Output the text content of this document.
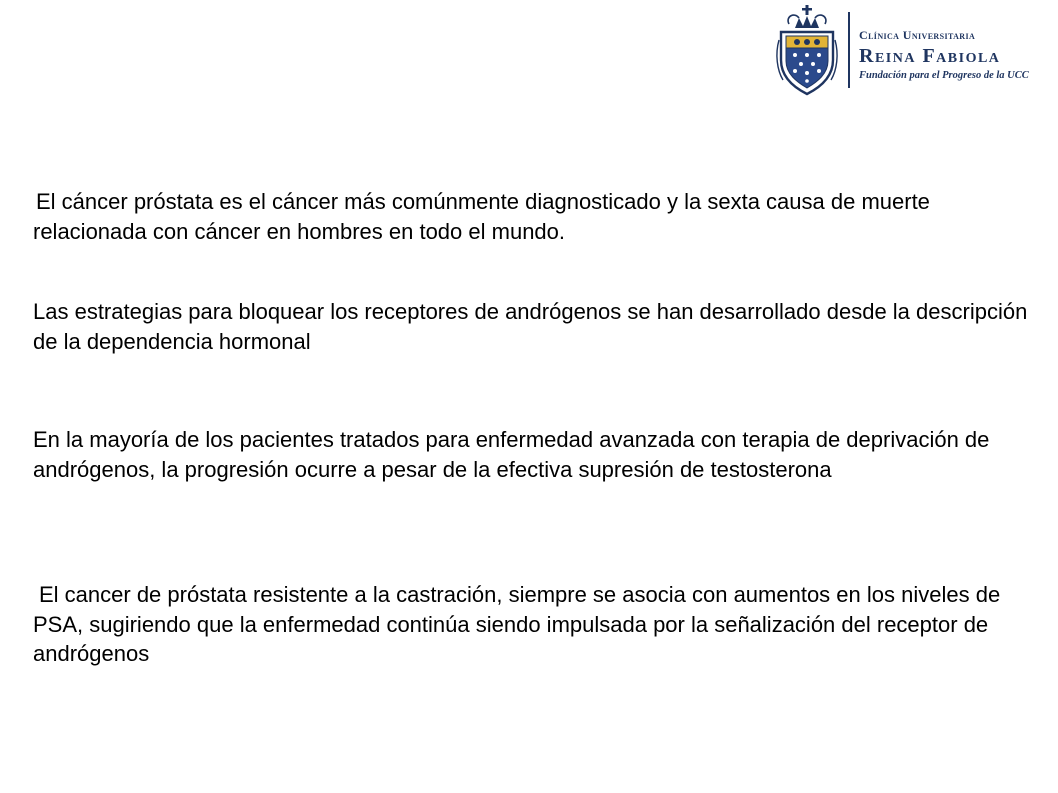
Clínica Universitaria
Reina Fabiola
Fundación para el Progreso de la UCC

El cáncer próstata es el cáncer más comúnmente diagnosticado y la sexta causa de muerte relacionada con cáncer en hombres en todo el mundo.

Las estrategias para bloquear los receptores de andrógenos se han desarrollado desde la descripción de la dependencia hormonal

En la mayoría de los pacientes tratados para enfermedad avanzada con terapia de deprivación de andrógenos, la progresión ocurre a pesar de la efectiva supresión de testosterona

El cancer de próstata resistente a la castración, siempre se asocia con aumentos en los niveles de PSA, sugiriendo que la enfermedad continúa siendo impulsada por la señalización del receptor de andrógenos
